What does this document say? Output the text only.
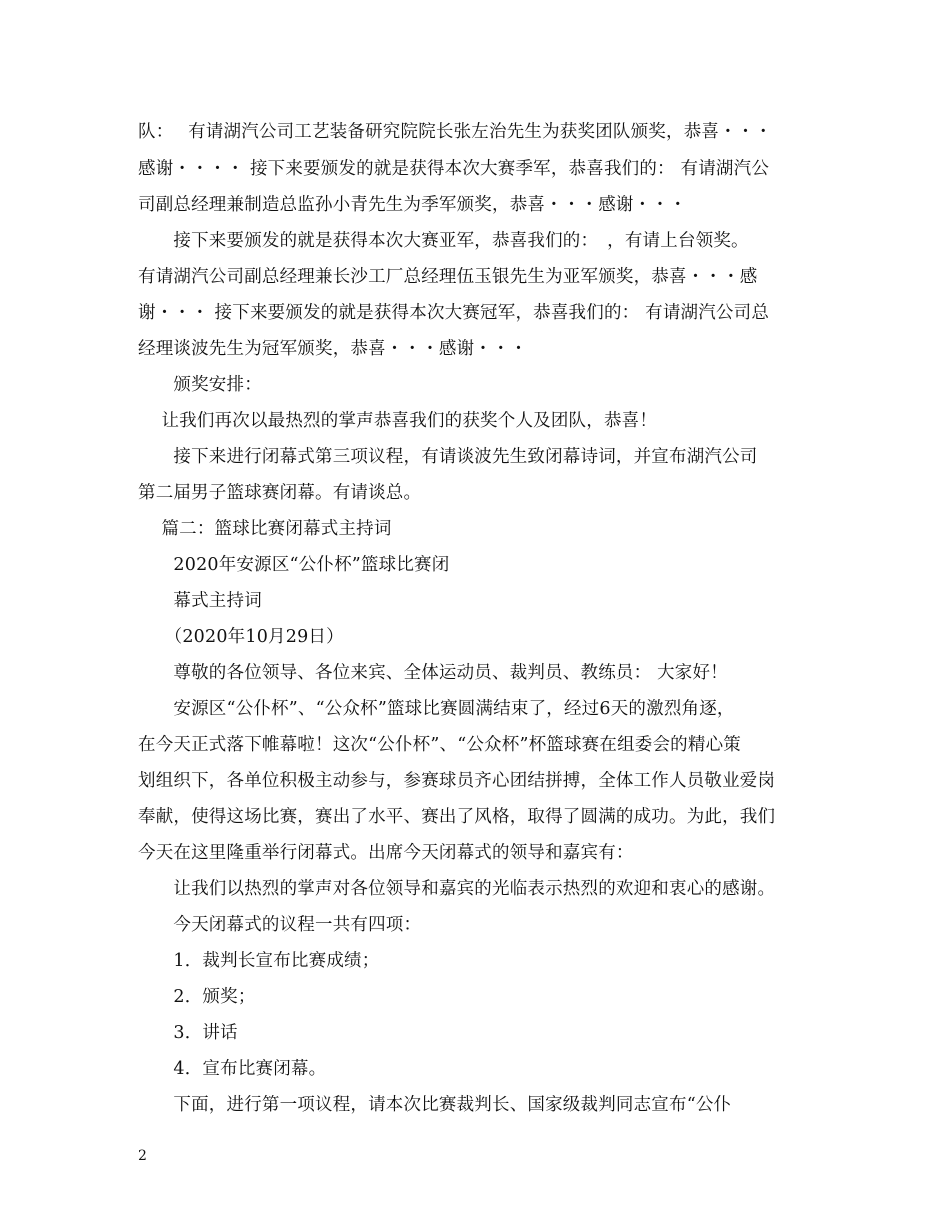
队：　 有请湖汽公司工艺装备研究院院长张左治先生为获奖团队颁奖，恭喜・・・
感谢・・・・ 接下来要颁发的就是获得本次大赛季军，恭喜我们的： 有请湖汽公
司副总经理兼制造总监孙小青先生为季军颁奖，恭喜・・・感谢・・・
　　接下来要颁发的就是获得本次大赛亚军，恭喜我们的：　，有请上台领奖。
有请湖汽公司副总经理兼长沙工厂总经理伍玉银先生为亚军颁奖，恭喜・・・感
谢・・・ 接下来要颁发的就是获得本次大赛冠军，恭喜我们的： 有请湖汽公司总
经理谈波先生为冠军颁奖，恭喜・・・感谢・・・
　　颁奖安排：
　 让我们再次以最热烈的掌声恭喜我们的获奖个人及团队，恭喜！
　　接下来进行闭幕式第三项议程，有请谈波先生致闭幕诗词，并宣布湖汽公司
第二届男子篮球赛闭幕。有请谈总。
　 篇二：篮球比赛闭幕式主持词
　　2020年安源区“公仆杯”篮球比赛闭
　　幕式主持词
　　（2020年10月29日）
　　尊敬的各位领导、各位来宾、全体运动员、裁判员、教练员： 大家好！
　　安源区“公仆杯”、“公众杯”篮球比赛圆满结束了，经过6天的激烈角逐，
在今天正式落下帷幕啦！这次“公仆杯”、“公众杯”杯篮球赛在组委会的精心策
划组织下，各单位积极主动参与，参赛球员齐心团结拼搏，全体工作人员敬业爱岗
奉献，使得这场比赛，赛出了水平、赛出了风格，取得了圆满的成功。为此，我们
今天在这里隆重举行闭幕式。出席今天闭幕式的领导和嘉宾有：
　　让我们以热烈的掌声对各位领导和嘉宾的光临表示热烈的欢迎和衷心的感谢。
　　今天闭幕式的议程一共有四项：
　　1．裁判长宣布比赛成绩；
　　2．颁奖；
　　3．讲话
　　4．宣布比赛闭幕。
　　下面，进行第一项议程，请本次比赛裁判长、国家级裁判同志宣布“公仆
2
